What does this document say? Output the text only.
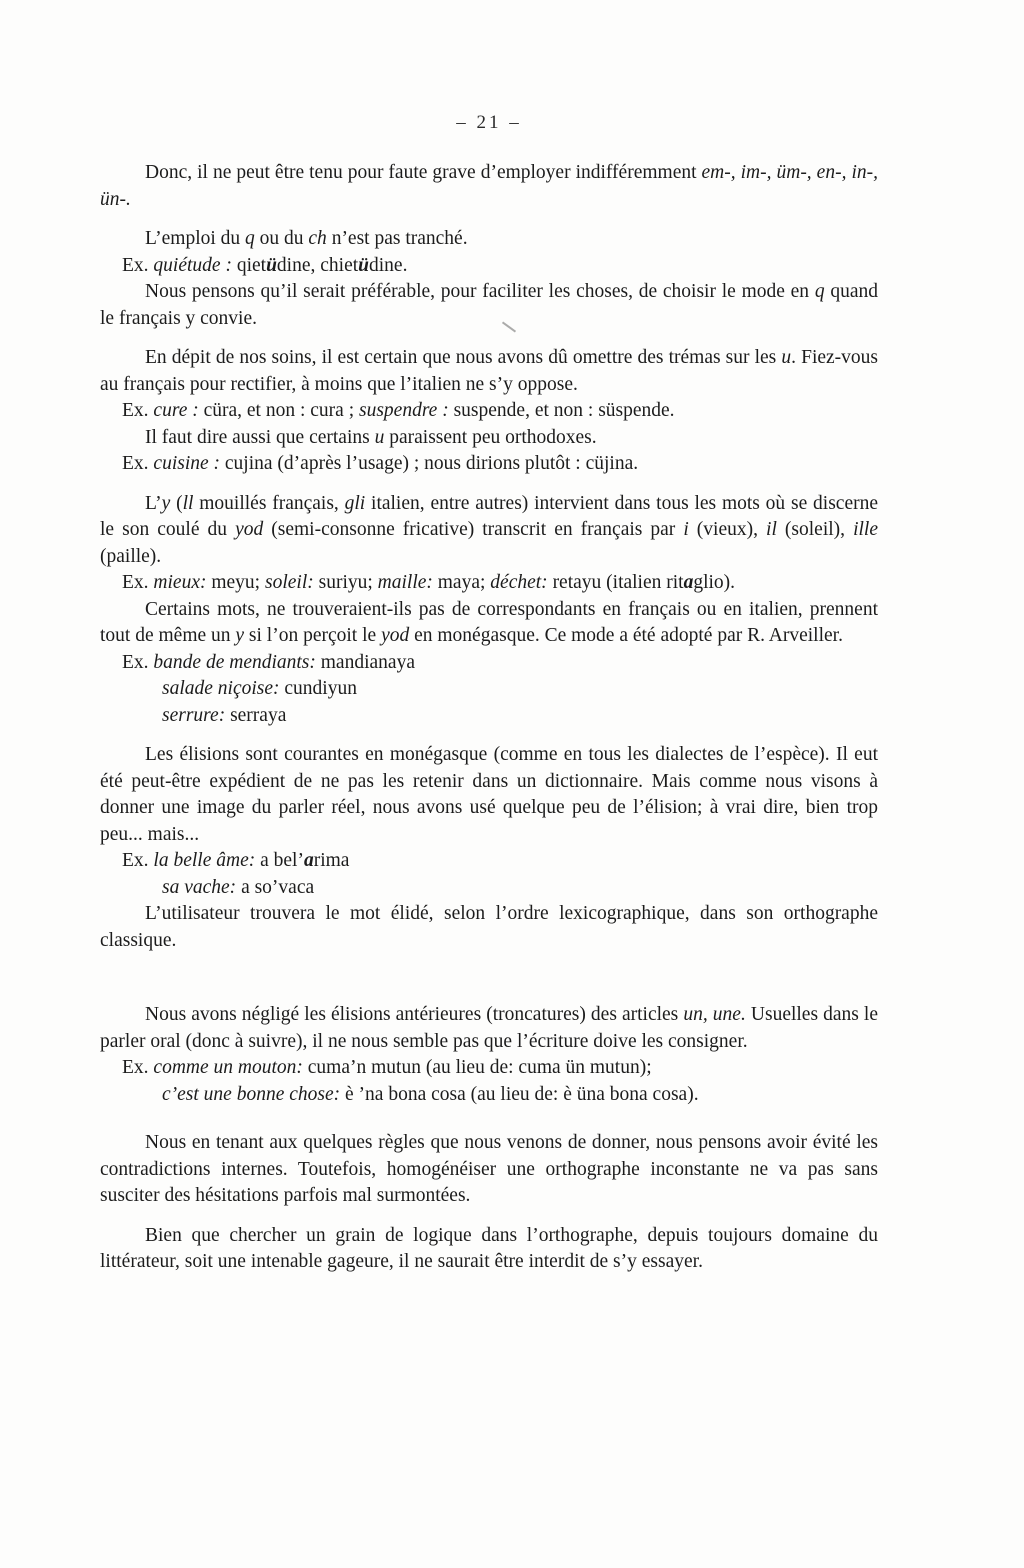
– 21 –

Donc, il ne peut être tenu pour faute grave d’employer indifféremment em-, im-, üm-, en-, in-, ün-.

L’emploi du q ou du ch n’est pas tranché.

Ex. quiétude : qietüdine, chietüdine.

Nous pensons qu’il serait préférable, pour faciliter les choses, de choisir le mode en q quand le français y convie.

En dépit de nos soins, il est certain que nous avons dû omettre des trémas sur les u. Fiez-vous au français pour rectifier, à moins que l’italien ne s’y oppose.

Ex. cure : cüra, et non : cura ; suspendre : suspende, et non : süspende.

Il faut dire aussi que certains u paraissent peu orthodoxes.

Ex. cuisine : cujina (d’après l’usage) ; nous dirions plutôt : cüjina.

L’y (ll mouillés français, gli italien, entre autres) intervient dans tous les mots où se discerne le son coulé du yod (semi-consonne fricative) transcrit en français par i (vieux), il (soleil), ille (paille).

Ex. mieux: meyu; soleil: suriyu; maille: maya; déchet: retayu (italien ritaglio).

Certains mots, ne trouveraient-ils pas de correspondants en français ou en italien, prennent tout de même un y si l’on perçoit le yod en monégasque. Ce mode a été adopté par R. Arveiller.

Ex. bande de mendiants: mandianaya

salade niçoise: cundiyun

serrure: serraya

Les élisions sont courantes en monégasque (comme en tous les dialectes de l’espèce). Il eut été peut-être expédient de ne pas les retenir dans un dictionnaire. Mais comme nous visons à donner une image du parler réel, nous avons usé quelque peu de l’élision; à vrai dire, bien trop peu... mais...

Ex. la belle âme: a bel’arima

sa vache: a so’vaca

L’utilisateur trouvera le mot élidé, selon l’ordre lexicographique, dans son orthographe classique.

Nous avons négligé les élisions antérieures (troncatures) des articles un, une. Usuelles dans le parler oral (donc à suivre), il ne nous semble pas que l’écriture doive les consigner.

Ex. comme un mouton: cuma’n mutun (au lieu de: cuma ün mutun);

c’est une bonne chose: è ’na bona cosa (au lieu de: è üna bona cosa).

Nous en tenant aux quelques règles que nous venons de donner, nous pensons avoir évité les contradictions internes. Toutefois, homogénéiser une orthographe inconstante ne va pas sans susciter des hésitations parfois mal surmontées.

Bien que chercher un grain de logique dans l’orthographe, depuis toujours domaine du littérateur, soit une intenable gageure, il ne saurait être interdit de s’y essayer.
